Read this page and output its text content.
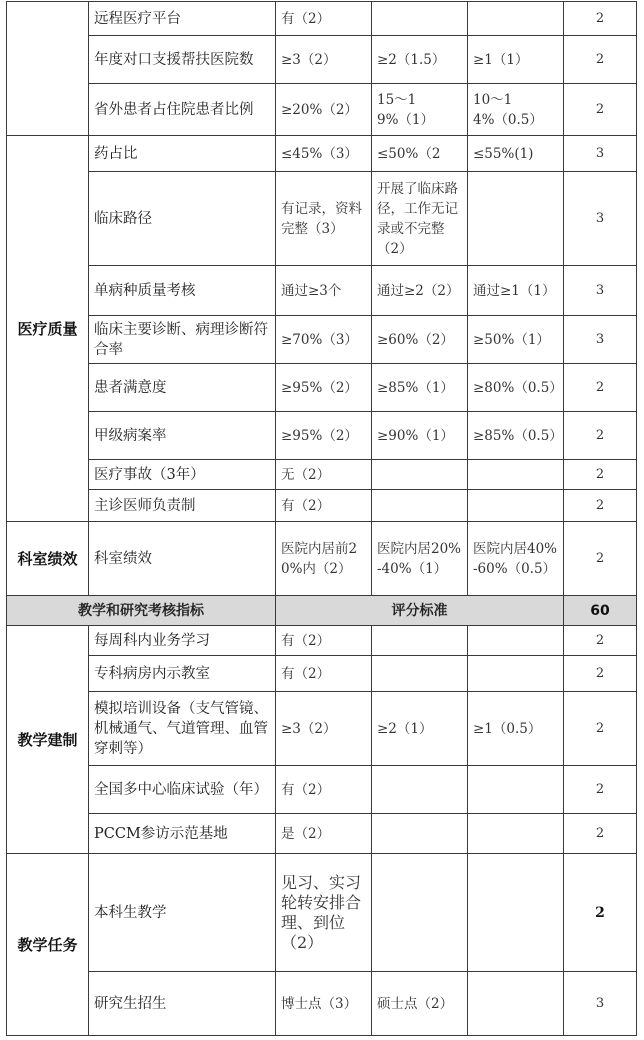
	远程医疗平台	有（2）			2
	年度对口支援帮扶医院数	≥3（2）	≥2（1.5）	≥1（1）	2
	省外患者占住院患者比例	≥20%（2）	15～19%（1）	10～14%（0.5）	2
医疗质量	药占比	≤45%（3）	≤50%（2	≤55%(1)	3
	临床路径	有记录，资料完整（3）	开展了临床路径，工作无记录或不完整（2）		3
	单病种质量考核	通过≥3个	通过≥2（2）	通过≥1（1）	3
	临床主要诊断、病理诊断符合率	≥70%（3）	≥60%（2）	≥50%（1）	3
	患者满意度	≥95%（2）	≥85%（1）	≥80%（0.5）	2
	甲级病案率	≥95%（2）	≥90%（1）	≥85%（0.5）	2
	医疗事故（3年）	无（2）			2
	主诊医师负责制	有（2）			2
科室绩效	科室绩效	医院内居前20%内（2）	医院内居20%-40%（1）	医院内居40%-60%（0.5）	2
教学和研究考核指标		评分标准			60
教学建制	每周科内业务学习	有（2）			2
	专科病房内示教室	有（2）			2
	模拟培训设备（支气管镜、机械通气、气道管理、血管穿刺等）	≥3（2）	≥2（1）	≥1（0.5）	2
	全国多中心临床试验（年）	有（2）			2
	PCCM参访示范基地	是（2）			2
教学任务	本科生教学	见习、实习轮转安排合理、到位（2）			2
	研究生招生	博士点（3）	硕士点（2）		3
